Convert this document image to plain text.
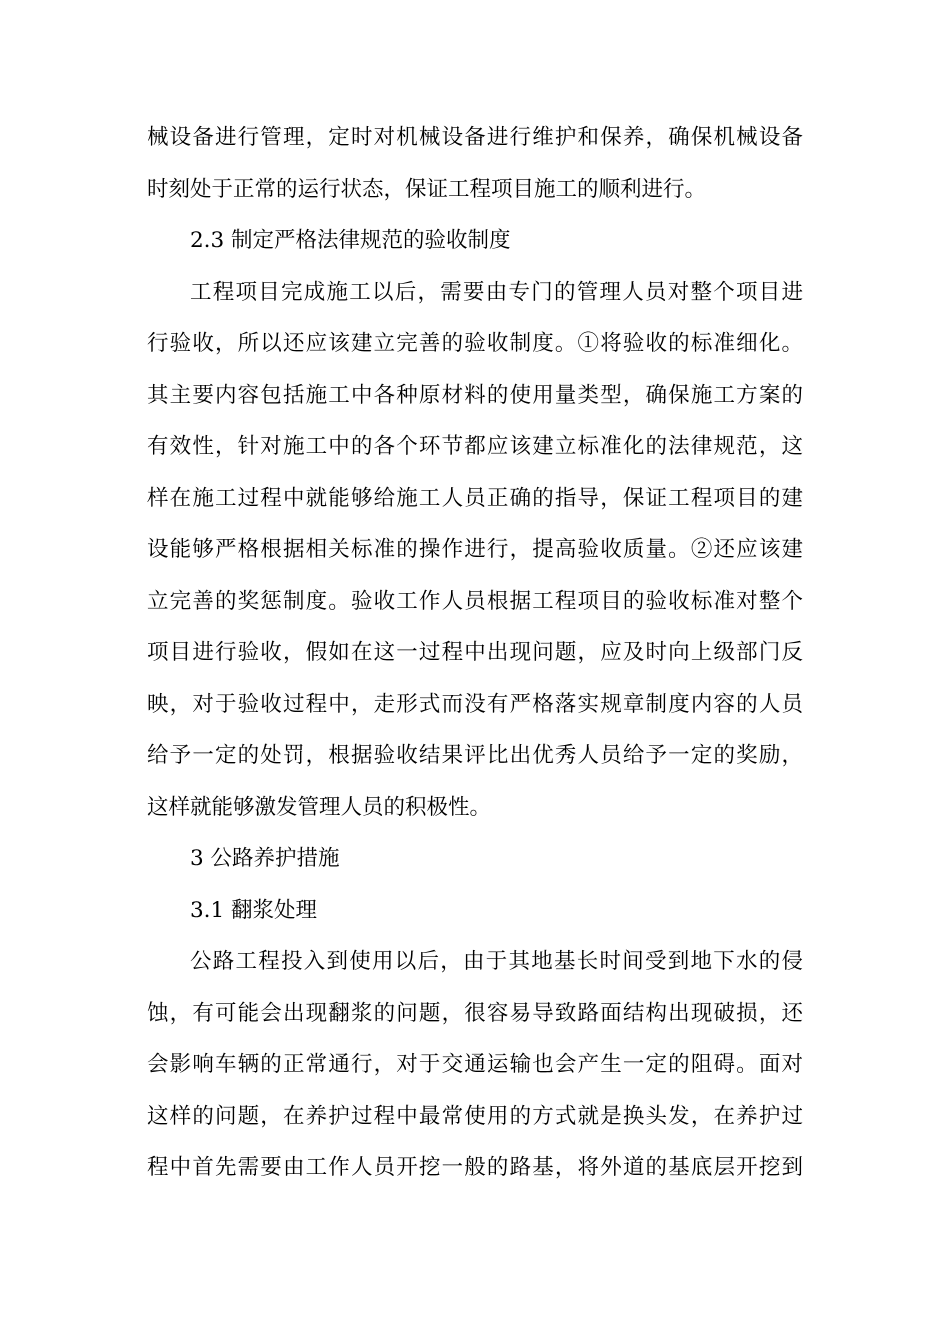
械设备进行管理，定时对机械设备进行维护和保养，确保机械设备
时刻处于正常的运行状态，保证工程项目施工的顺利进行。
2.3 制定严格法律规范的验收制度
工程项目完成施工以后，需要由专门的管理人员对整个项目进
行验收，所以还应该建立完善的验收制度。①将验收的标准细化。
其主要内容包括施工中各种原材料的使用量类型，确保施工方案的
有效性，针对施工中的各个环节都应该建立标准化的法律规范，这
样在施工过程中就能够给施工人员正确的指导，保证工程项目的建
设能够严格根据相关标准的操作进行，提高验收质量。②还应该建
立完善的奖惩制度。验收工作人员根据工程项目的验收标准对整个
项目进行验收，假如在这一过程中出现问题，应及时向上级部门反
映，对于验收过程中，走形式而没有严格落实规章制度内容的人员
给予一定的处罚，根据验收结果评比出优秀人员给予一定的奖励，
这样就能够激发管理人员的积极性。
3 公路养护措施
3.1 翻浆处理
公路工程投入到使用以后，由于其地基长时间受到地下水的侵
蚀，有可能会出现翻浆的问题，很容易导致路面结构出现破损，还
会影响车辆的正常通行，对于交通运输也会产生一定的阻碍。面对
这样的问题，在养护过程中最常使用的方式就是换头发，在养护过
程中首先需要由工作人员开挖一般的路基，将外道的基底层开挖到
